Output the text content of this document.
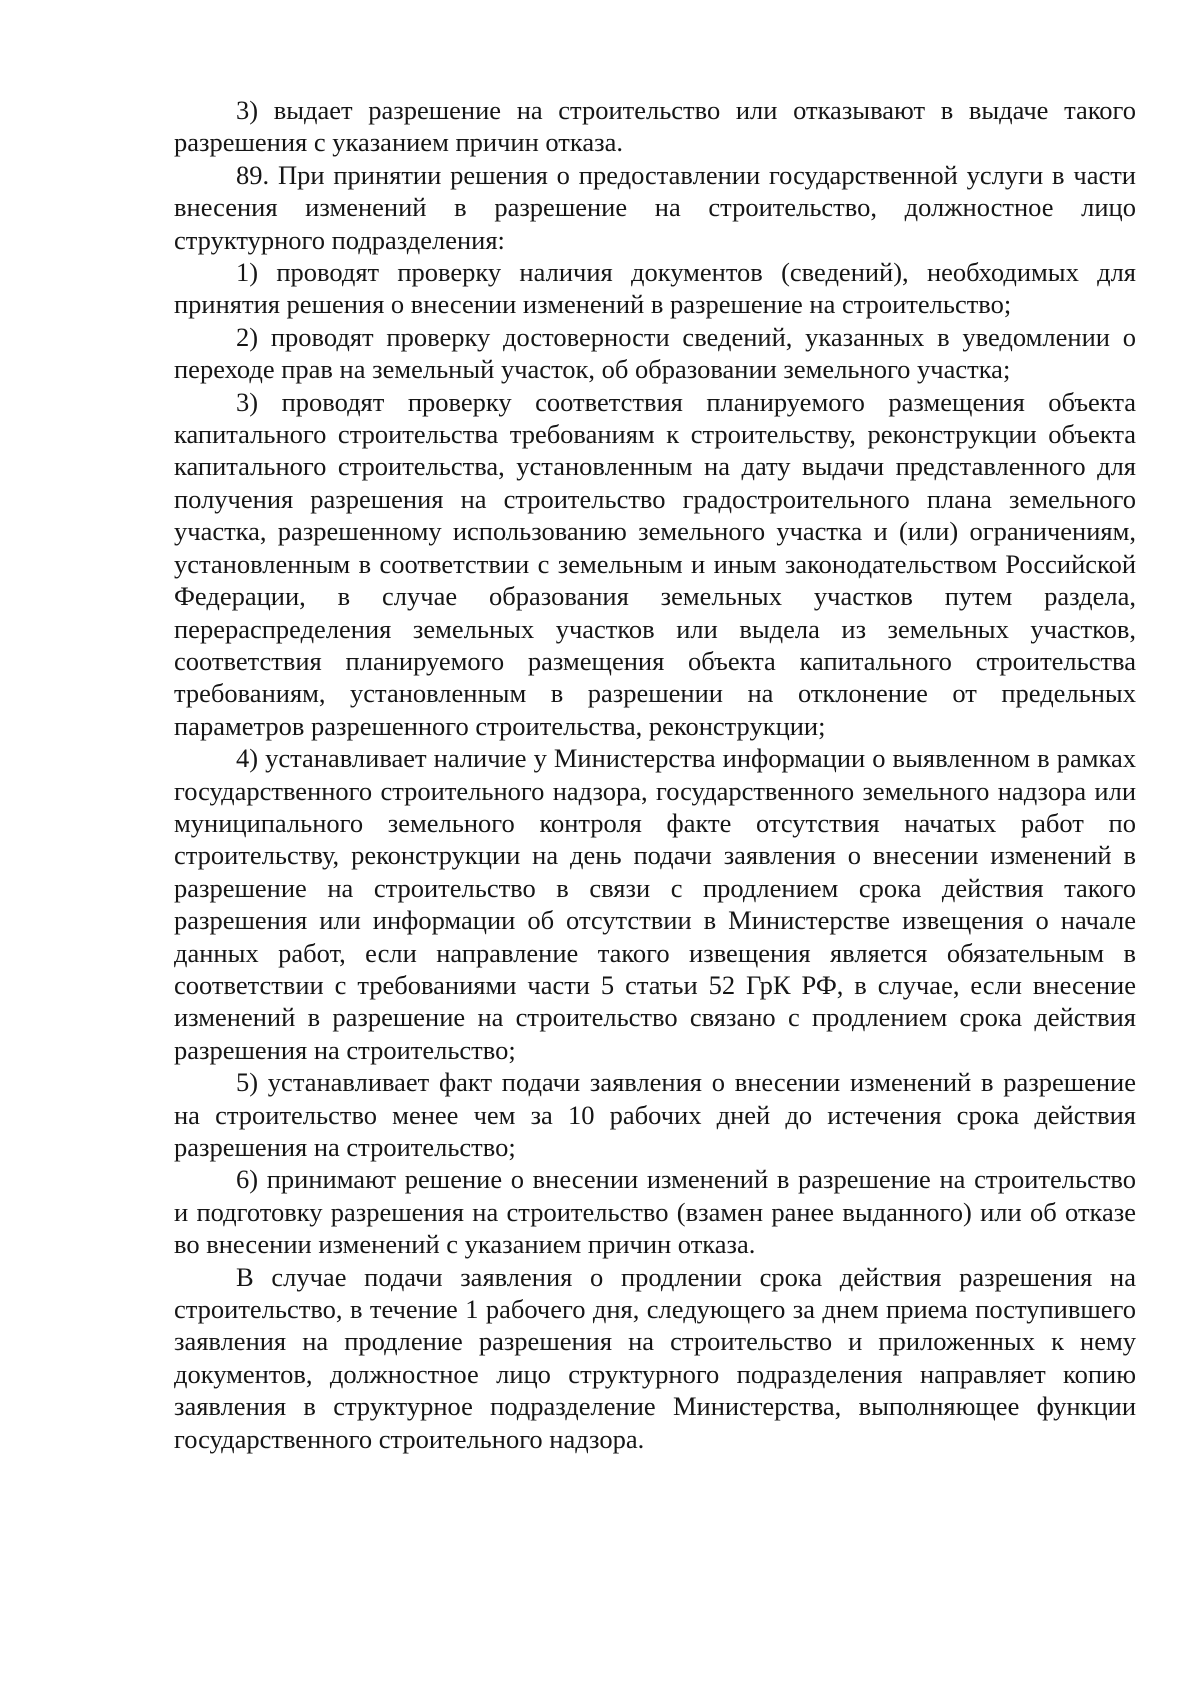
3) выдает разрешение на строительство или отказывают в выдаче такого разрешения с указанием причин отказа.

89. При принятии решения о предоставлении государственной услуги в части внесения изменений в разрешение на строительство, должностное лицо структурного подразделения:

1) проводят проверку наличия документов (сведений), необходимых для принятия решения о внесении изменений в разрешение на строительство;

2) проводят проверку достоверности сведений, указанных в уведомлении о переходе прав на земельный участок, об образовании земельного участка;

3) проводят проверку соответствия планируемого размещения объекта капитального строительства требованиям к строительству, реконструкции объекта капитального строительства, установленным на дату выдачи представленного для получения разрешения на строительство градостроительного плана земельного участка, разрешенному использованию земельного участка и (или) ограничениям, установленным в соответствии с земельным и иным законодательством Российской Федерации, в случае образования земельных участков путем раздела, перераспределения земельных участков или выдела из земельных участков, соответствия планируемого размещения объекта капитального строительства требованиям, установленным в разрешении на отклонение от предельных параметров разрешенного строительства, реконструкции;

4) устанавливает наличие у Министерства информации о выявленном в рамках государственного строительного надзора, государственного земельного надзора или муниципального земельного контроля факте отсутствия начатых работ по строительству, реконструкции на день подачи заявления о внесении изменений в разрешение на строительство в связи с продлением срока действия такого разрешения или информации об отсутствии в Министерстве извещения о начале данных работ, если направление такого извещения является обязательным в соответствии с требованиями части 5 статьи 52 ГрК РФ, в случае, если внесение изменений в разрешение на строительство связано с продлением срока действия разрешения на строительство;

5) устанавливает факт подачи заявления о внесении изменений в разрешение на строительство менее чем за 10 рабочих дней до истечения срока действия разрешения на строительство;

6) принимают решение о внесении изменений в разрешение на строительство и подготовку разрешения на строительство (взамен ранее выданного) или об отказе во внесении изменений с указанием причин отказа.

В случае подачи заявления о продлении срока действия разрешения на строительство, в течение 1 рабочего дня, следующего за днем приема поступившего заявления на продление разрешения на строительство и приложенных к нему документов, должностное лицо структурного подразделения направляет копию заявления в структурное подразделение Министерства, выполняющее функции государственного строительного надзора.
